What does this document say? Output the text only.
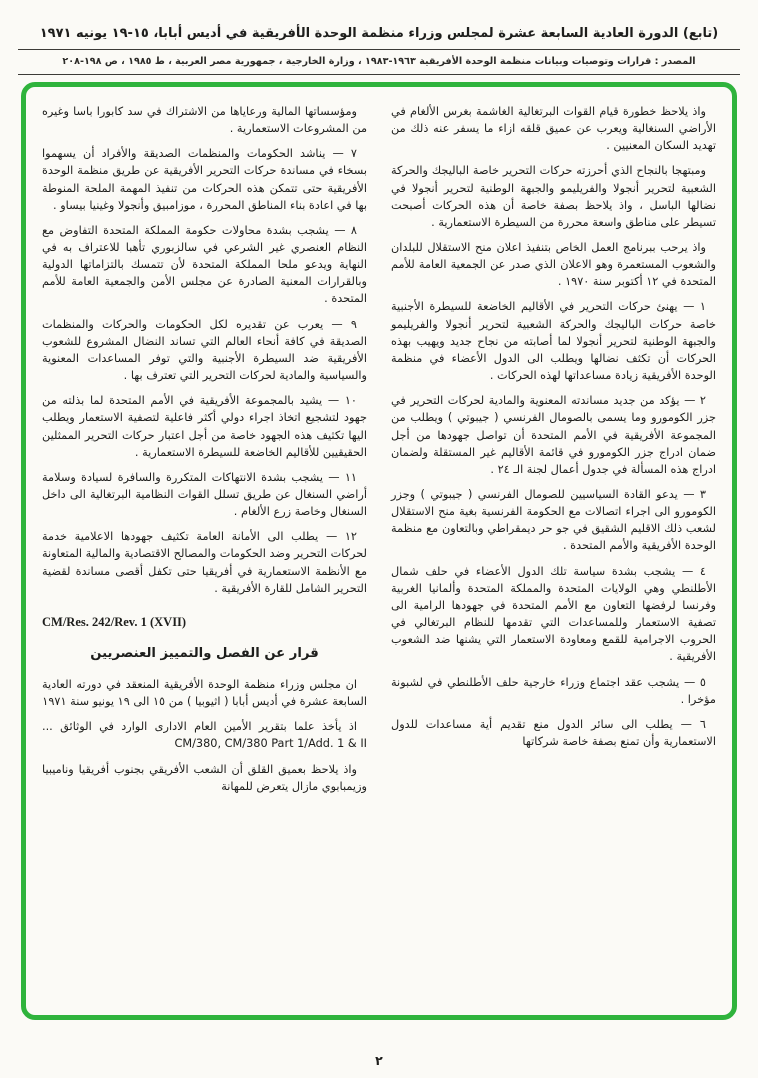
(تابع) الدورة العادية السابعة عشرة لمجلس وزراء منظمة الوحدة الأفريقية في أديس أبابا، ١٥-١٩ يونيه ١٩٧١
المصدر : قرارات وتوصيات وبيانات منظمة الوحدة الأفريقية ١٩٦٣-١٩٨٣ ، وزارة الخارجية ، جمهورية مصر العربية ، ط ١٩٨٥ ، ص ١٩٨-٢٠٨

واذ يلاحظ خطورة قيام القوات البرتغالية الغاشمة بغرس الألغام في الأراضي السنغالية ويعرب عن عميق قلقه ازاء ما يسفر عنه ذلك من تهديد السكان المعنيين .

ومبتهجا بالنجاح الذي أحرزته حركات التحرير خاصة الباليجك والحركة الشعبية لتحرير أنجولا والفريليمو والجبهة الوطنية لتحرير أنجولا في نضالها الباسل ، واذ يلاحظ بصفة خاصة أن هذه الحركات أصبحت تسيطر على مناطق واسعة محررة من السيطرة الاستعمارية .

واذ يرحب ببرنامج العمل الخاص بتنفيذ اعلان منح الاستقلال للبلدان والشعوب المستعمرة وهو الاعلان الذي صدر عن الجمعية العامة للأمم المتحدة في ١٢ أكتوبر سنة ١٩٧٠ .

١ — يهنئ حركات التحرير في الأقاليم الخاضعة للسيطرة الأجنبية خاصة حركات الباليجك والحركة الشعبية لتحرير أنجولا والفريليمو والجبهة الوطنية لتحرير أنجولا لما أصابته من نجاح جديد ويهيب بهذه الحركات أن تكثف نضالها ويطلب الى الدول الأعضاء في منظمة الوحدة الأفريقية زيادة مساعداتها لهذه الحركات .

٢ — يؤكد من جديد مساندته المعنوية والمادية لحركات التحرير في جزر الكومورو وما يسمى بالصومال الفرنسي ( جيبوتي ) ويطلب من المجموعة الأفريقية في الأمم المتحدة أن تواصل جهودها من أجل ضمان ادراج جزر الكومورو في قائمة الأقاليم غير المستقلة ولضمان ادراج هذه المسألة في جدول أعمال لجنة الـ ٢٤ .

٣ — يدعو القادة السياسيين للصومال الفرنسي ( جيبوتي ) وجزر الكومورو الى اجراء اتصالات مع الحكومة الفرنسية بغية منح الاستقلال لشعب ذلك الاقليم الشقيق في جو حر ديمقراطي وبالتعاون مع منظمة الوحدة الأفريقية والأمم المتحدة .

٤ — يشجب بشدة سياسة تلك الدول الأعضاء في حلف شمال الأطلنطي وهي الولايات المتحدة والمملكة المتحدة وألمانيا الغربية وفرنسا لرفضها التعاون مع الأمم المتحدة في جهودها الرامية الى تصفية الاستعمار وللمساعدات التي تقدمها للنظام البرتغالي في الحروب الاجرامية للقمع ومعاودة الاستعمار التي يشنها ضد الشعوب الأفريقية .

٥ — يشجب عقد اجتماع وزراء خارجية حلف الأطلنطي في لشبونة مؤخرا .

٦ — يطلب الى سائر الدول منع تقديم أية مساعدات للدول الاستعمارية وأن تمنع بصفة خاصة شركاتها

ومؤسساتها المالية ورعاياها من الاشتراك في سد كابورا باسا وغيره من المشروعات الاستعمارية .

٧ — يناشد الحكومات والمنظمات الصديقة والأفراد أن يسهموا بسخاء في مساندة حركات التحرير الأفريقية عن طريق منظمة الوحدة الأفريقية حتى تتمكن هذه الحركات من تنفيذ المهمة الملحة المنوطة بها في اعادة بناء المناطق المحررة ، موزامبيق وأنجولا وغينيا بيساو .

٨ — يشجب بشدة محاولات حكومة المملكة المتحدة التفاوض مع النظام العنصري غير الشرعي في سالزبوري تأهبا للاعتراف به في النهاية ويدعو ملحا المملكة المتحدة لأن تتمسك بالتزاماتها الدولية وبالقرارات المعنية الصادرة عن مجلس الأمن والجمعية العامة للأمم المتحدة .

٩ — يعرب عن تقديره لكل الحكومات والحركات والمنظمات الصديقة في كافة أنحاء العالم التي تساند النضال المشروع للشعوب الأفريقية ضد السيطرة الأجنبية والتي توفر المساعدات المعنوية والسياسية والمادية لحركات التحرير التي تعترف بها .

١٠ — يشيد بالمجموعة الأفريقية في الأمم المتحدة لما بذلته من جهود لتشجيع اتخاذ اجراء دولي أكثر فاعلية لتصفية الاستعمار ويطلب اليها تكثيف هذه الجهود خاصة من أجل اعتبار حركات التحرير الممثلين الحقيقيين للأقاليم الخاضعة للسيطرة الاستعمارية .

١١ — يشجب بشدة الانتهاكات المتكررة والسافرة لسيادة وسلامة أراضي السنغال عن طريق تسلل القوات النظامية البرتغالية الى داخل السنغال وخاصة زرع الألغام .

١٢ — يطلب الى الأمانة العامة تكثيف جهودها الاعلامية خدمة لحركات التحرير وضد الحكومات والمصالح الاقتصادية والمالية المتعاونة مع الأنظمة الاستعمارية في أفريقيا حتى تكفل أقصى مساندة لقضية التحرير الشامل للقارة الأفريقية .

CM/Res. 242/Rev. 1 (XVII)
قرار عن الفصل والتمييز العنصريين

ان مجلس وزراء منظمة الوحدة الأفريقية المنعقد في دورته العادية السابعة عشرة في أديس أبابا ( اثيوبيا ) من ١٥ الى ١٩ يونيو سنة ١٩٧١

اذ يأخذ علما بتقرير الأمين العام الادارى الوارد في الوثائق ... CM/380, CM/380 Part 1/Add. 1 & II

واذ يلاحظ بعميق القلق أن الشعب الأفريقي بجنوب أفريقيا وناميبيا وزيمبابوي مازال يتعرض للمهانة

٢
